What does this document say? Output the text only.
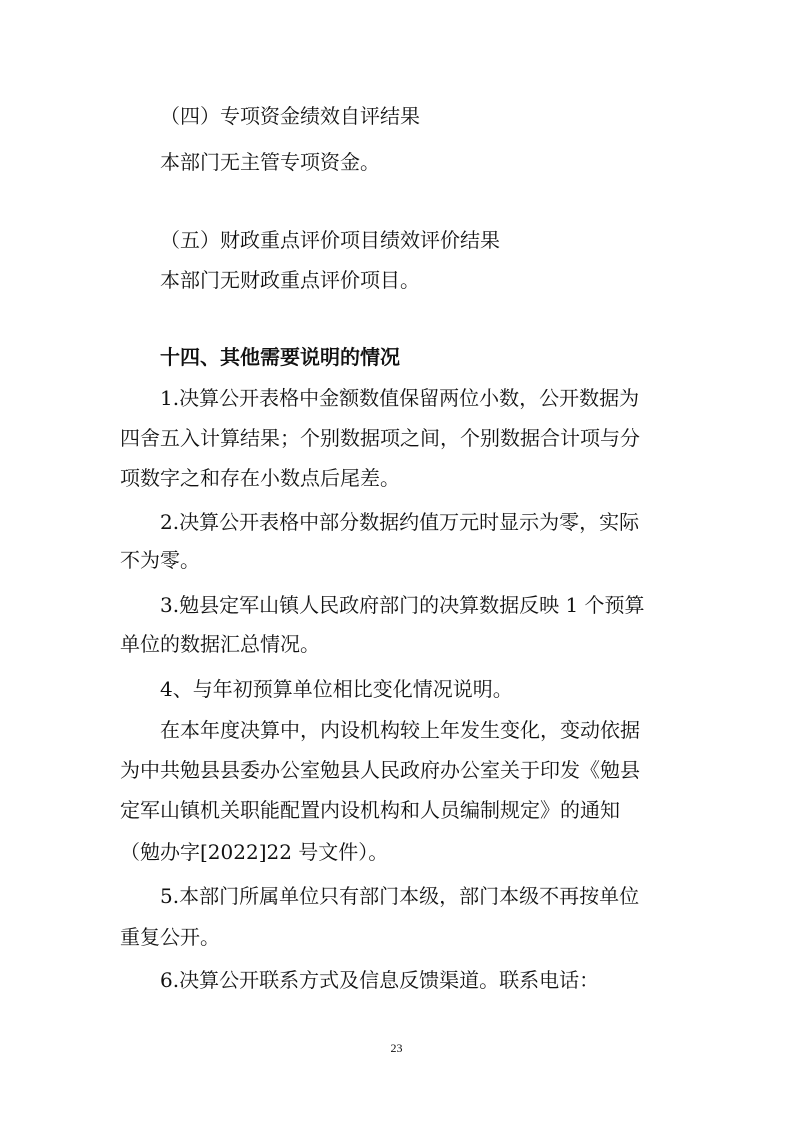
（四）专项资金绩效自评结果
本部门无主管专项资金。
（五）财政重点评价项目绩效评价结果
本部门无财政重点评价项目。
十四、其他需要说明的情况
1.决算公开表格中金额数值保留两位小数，公开数据为
四舍五入计算结果；个别数据项之间，个别数据合计项与分
项数字之和存在小数点后尾差。
2.决算公开表格中部分数据约值万元时显示为零，实际
不为零。
3.勉县定军山镇人民政府部门的决算数据反映 1 个预算
单位的数据汇总情况。
4、与年初预算单位相比变化情况说明。
在本年度决算中，内设机构较上年发生变化，变动依据
为中共勉县县委办公室勉县人民政府办公室关于印发《勉县
定军山镇机关职能配置内设机构和人员编制规定》的通知
（勉办字[2022]22 号文件）。
5.本部门所属单位只有部门本级，部门本级不再按单位
重复公开。
6.决算公开联系方式及信息反馈渠道。联系电话：
23
